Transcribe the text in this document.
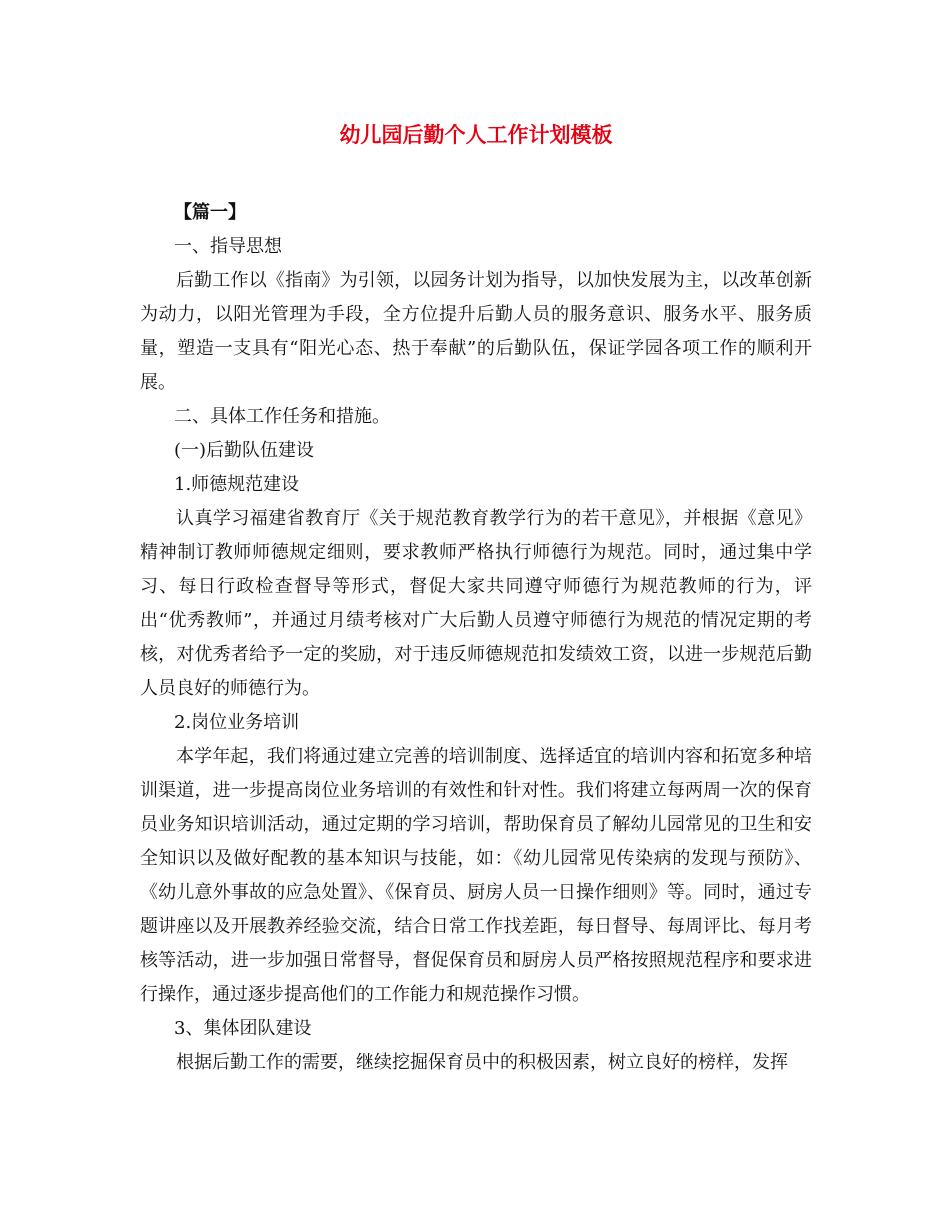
幼儿园后勤个人工作计划模板
【篇一】

一、指导思想

后勤工作以《指南》为引领，以园务计划为指导，以加快发展为主，以改革创新为动力，以阳光管理为手段，全方位提升后勤人员的服务意识、服务水平、服务质量，塑造一支具有“阳光心态、热于奉献”的后勤队伍，保证学园各项工作的顺利开展。

二、具体工作任务和措施。

(一)后勤队伍建设

1.师德规范建设

认真学习福建省教育厅《关于规范教育教学行为的若干意见》，并根据《意见》精神制订教师师德规定细则，要求教师严格执行师德行为规范。同时，通过集中学习、每日行政检查督导等形式，督促大家共同遵守师德行为规范教师的行为，评出“优秀教师”，并通过月绩考核对广大后勤人员遵守师德行为规范的情况定期的考核，对优秀者给予一定的奖励，对于违反师德规范扣发绩效工资，以进一步规范后勤人员良好的师德行为。

2.岗位业务培训

本学年起，我们将通过建立完善的培训制度、选择适宜的培训内容和拓宽多种培训渠道，进一步提高岗位业务培训的有效性和针对性。我们将建立每两周一次的保育员业务知识培训活动，通过定期的学习培训，帮助保育员了解幼儿园常见的卫生和安全知识以及做好配教的基本知识与技能，如：《幼儿园常见传染病的发现与预防》、《幼儿意外事故的应急处置》、《保育员、厨房人员一日操作细则》等。同时，通过专题讲座以及开展教养经验交流，结合日常工作找差距，每日督导、每周评比、每月考核等活动，进一步加强日常督导，督促保育员和厨房人员严格按照规范程序和要求进行操作，通过逐步提高他们的工作能力和规范操作习惯。

3、集体团队建设

根据后勤工作的需要，继续挖掘保育员中的积极因素，树立良好的榜样，发挥
